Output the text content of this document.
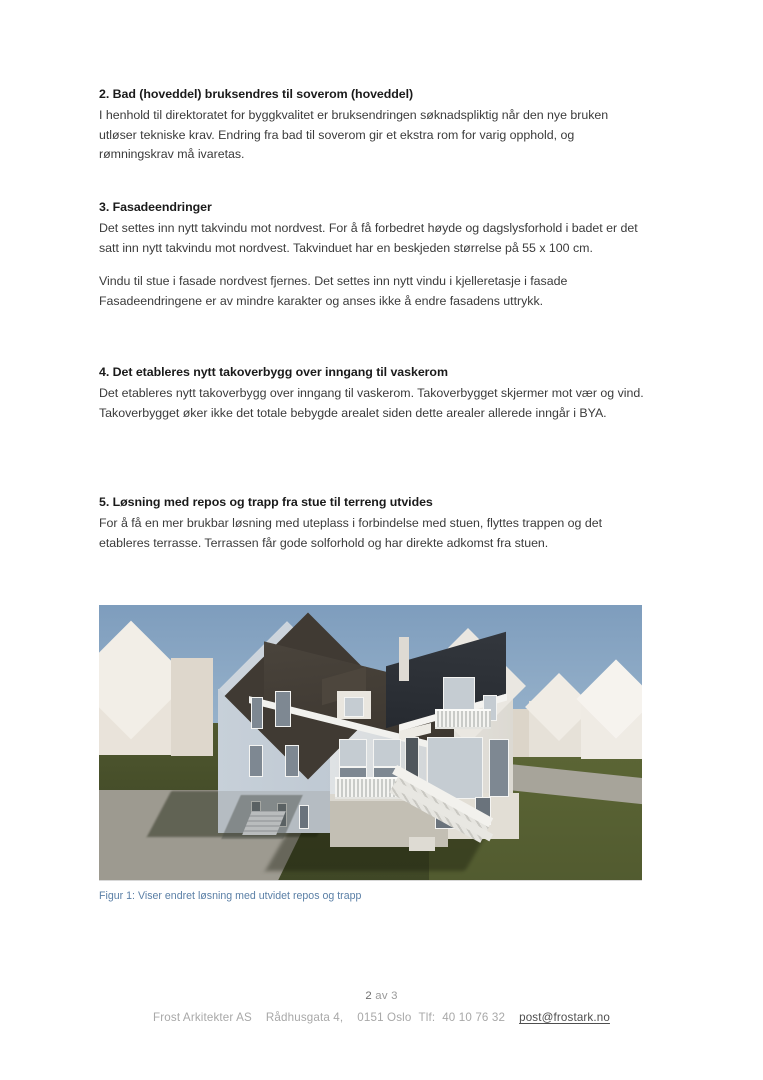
2. Bad (hoveddel) bruksendres til soverom (hoveddel)

I henhold til direktoratet for byggkvalitet er bruksendringen søknadspliktig når den nye bruken utløser tekniske krav. Endring fra bad til soverom gir et ekstra rom for varig opphold, og rømningskrav må ivaretas.

3. Fasadeendringer

Det settes inn nytt takvindu mot nordvest. For å få forbedret høyde og dagslysforhold i badet er det satt inn nytt takvindu mot nordvest. Takvinduet har en beskjeden størrelse på 55 x 100 cm.

Vindu til stue i fasade nordvest fjernes. Det settes inn nytt vindu i kjelleretasje i fasade Fasadeendringene er av mindre karakter og anses ikke å endre fasadens uttrykk.

4. Det etableres nytt takoverbygg over inngang til vaskerom

Det etableres nytt takoverbygg over inngang til vaskerom. Takoverbygget skjermer mot vær og vind. Takoverbygget øker ikke det totale bebygde arealet siden dette arealer allerede inngår i BYA.

5. Løsning med repos og trapp fra stue til terreng utvides

For å få en mer brukbar løsning med uteplass i forbindelse med stuen, flyttes trappen og det etableres terrasse. Terrassen får gode solforhold og har direkte adkomst fra stuen.

Figur 1: Viser endret løsning med utvidet repos og trapp
2 av 3
Frost Arkitekter AS Rådhusgata 4, 0151 Oslo Tlf: 40 10 76 32 post@frostark.no
